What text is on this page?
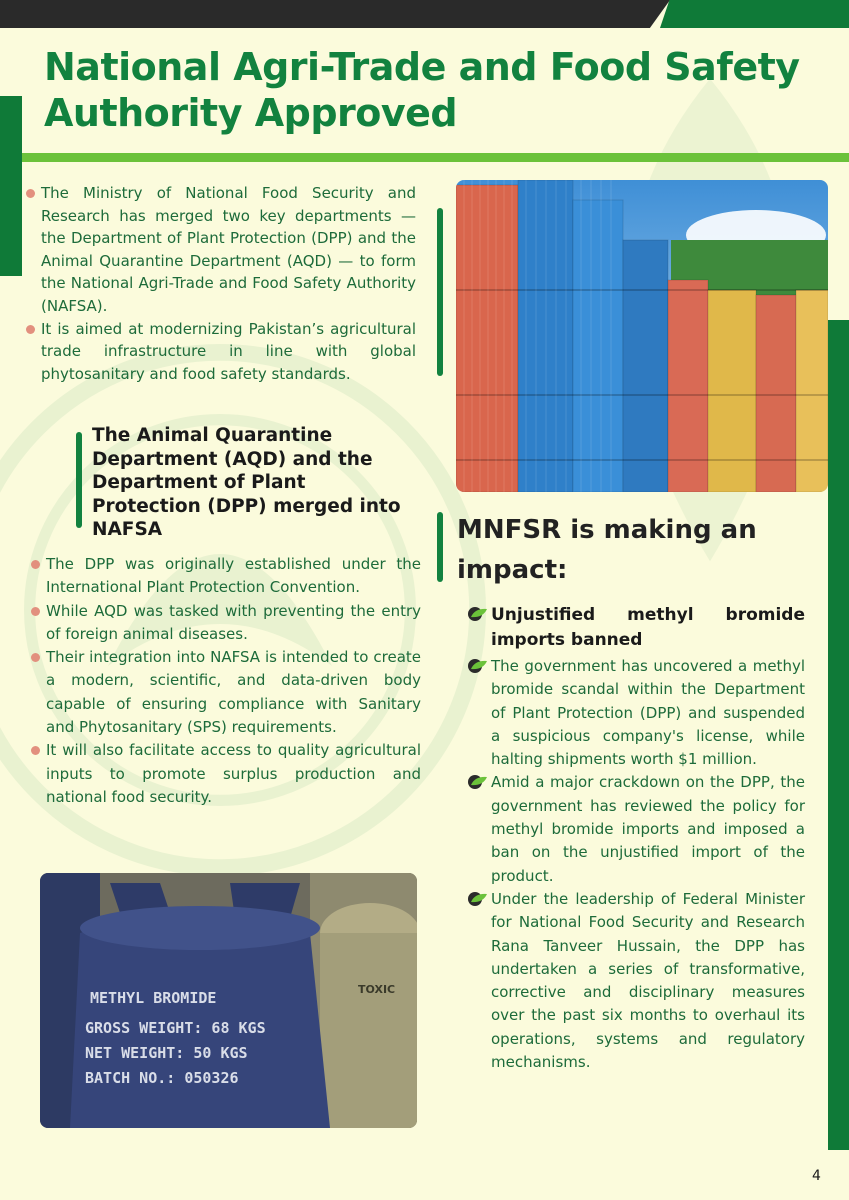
National Agri-Trade and Food Safety Authority Approved
The Ministry of National Food Security and Research has merged two key departments — the Department of Plant Protection (DPP) and the Animal Quarantine Department (AQD) — to form the National Agri-Trade and Food Safety Authority (NAFSA).
It is aimed at modernizing Pakistan’s agricultural trade infrastructure in line with global phytosanitary and food safety standards.
The Animal Quarantine Department (AQD) and the Department of Plant Protection (DPP) merged into NAFSA
The DPP was originally established under the International Plant Protection Convention.
While AQD was tasked with preventing the entry of foreign animal diseases.
Their integration into NAFSA is intended to create a modern, scientific, and data-driven body capable of ensuring compliance with Sanitary and Phytosanitary (SPS) requirements.
It will also facilitate access to quality agricultural inputs to promote surplus production and national food security.
METHYL BROMIDE
GROSS WEIGHT: 68 KGS
NET WEIGHT: 50 KGS
BATCH NO.: 050326
TOXIC
MNFSR is making an impact:
Unjustified methyl bromide imports banned
The government has uncovered a methyl bromide scandal within the Department of Plant Protection (DPP) and suspended a suspicious company's license, while halting shipments worth $1 million.
Amid a major crackdown on the DPP, the government has reviewed the policy for methyl bromide imports and imposed a ban on the unjustified import of the product.
Under the leadership of Federal Minister for National Food Security and Research Rana Tanveer Hussain, the DPP has undertaken a series of transformative, corrective and disciplinary measures over the past six months to overhaul its operations, systems and regulatory mechanisms.
4
